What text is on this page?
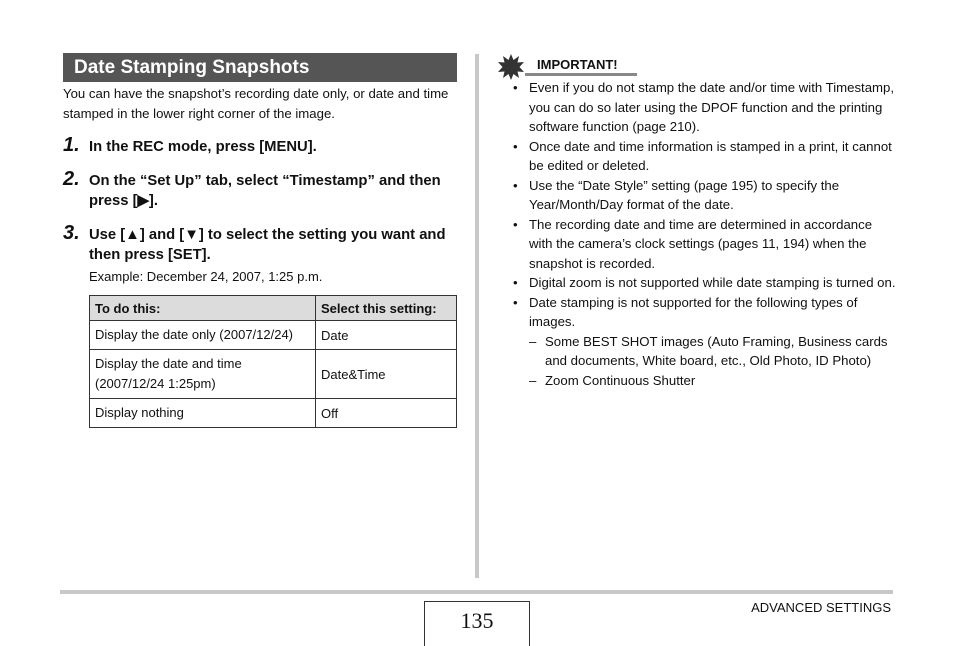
Date Stamping Snapshots

You can have the snapshot’s recording date only, or date and time stamped in the lower right corner of the image.

1. In the REC mode, press [MENU].
2. On the “Set Up” tab, select “Timestamp” and then press [▶].
3. Use [▲] and [▼] to select the setting you want and then press [SET].
Example: December 24, 2007, 1:25 p.m.
To do this:	Select this setting:
Display the date only (2007/12/24)	Date
Display the date and time (2007/12/24 1:25pm)	Date&Time
Display nothing	Off
IMPORTANT!
• Even if you do not stamp the date and/or time with Timestamp, you can do so later using the DPOF function and the printing software function (page 210).
• Once date and time information is stamped in a print, it cannot be edited or deleted.
• Use the “Date Style” setting (page 195) to specify the Year/Month/Day format of the date.
• The recording date and time are determined in accordance with the camera’s clock settings (pages 11, 194) when the snapshot is recorded.
• Digital zoom is not supported while date stamping is turned on.
• Date stamping is not supported for the following types of images.
– Some BEST SHOT images (Auto Framing, Business cards and documents, White board, etc., Old Photo, ID Photo)
– Zoom Continuous Shutter
ADVANCED SETTINGS
135
